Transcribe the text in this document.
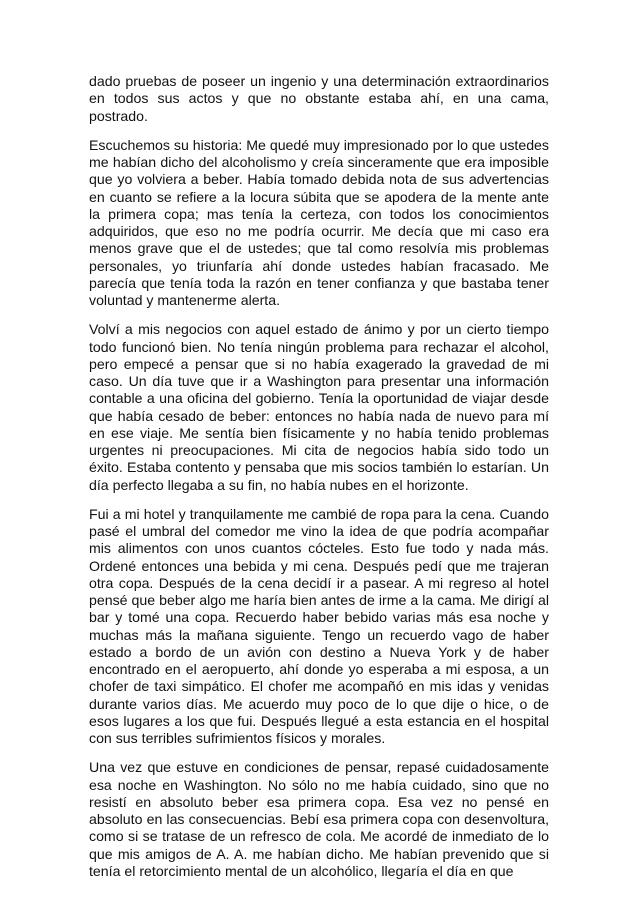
dado pruebas de poseer un ingenio y una determinación extraordinarios en todos sus actos y que no obstante estaba ahí, en una cama, postrado.

Escuchemos su historia: Me quedé muy impresionado por lo que ustedes me habían dicho del alcoholismo y creía sinceramente que era imposible que yo volviera a beber. Había tomado debida nota de sus advertencias en cuanto se refiere a la locura súbita que se apodera de la mente ante la primera copa; mas tenía la certeza, con todos los conocimientos adquiridos, que eso no me podría ocurrir. Me decía que mi caso era menos grave que el de ustedes; que tal como resolvía mis problemas personales, yo triunfaría ahí donde ustedes habían fracasado. Me parecía que tenía toda la razón en tener confianza y que bastaba tener voluntad y mantenerme alerta.

Volví a mis negocios con aquel estado de ánimo y por un cierto tiempo todo funcionó bien. No tenía ningún problema para rechazar el alcohol, pero empecé a pensar que si no había exagerado la gravedad de mi caso. Un día tuve que ir a Washington para presentar una información contable a una oficina del gobierno. Tenía la oportunidad de viajar desde que había cesado de beber: entonces no había nada de nuevo para mí en ese viaje. Me sentía bien físicamente y no había tenido problemas urgentes ni preocupaciones. Mi cita de negocios había sido todo un éxito. Estaba contento y pensaba que mis socios también lo estarían. Un día perfecto llegaba a su fin, no había nubes en el horizonte.

Fui a mi hotel y tranquilamente me cambié de ropa para la cena. Cuando pasé el umbral del comedor me vino la idea de que podría acompañar mis alimentos con unos cuantos cócteles. Esto fue todo y nada más. Ordené entonces una bebida y mi cena. Después pedí que me trajeran otra copa. Después de la cena decidí ir a pasear. A mi regreso al hotel pensé que beber algo me haría bien antes de irme a la cama. Me dirigí al bar y tomé una copa. Recuerdo haber bebido varias más esa noche y muchas más la mañana siguiente. Tengo un recuerdo vago de haber estado a bordo de un avión con destino a Nueva York y de haber encontrado en el aeropuerto, ahí donde yo esperaba a mi esposa, a un chofer de taxi simpático. El chofer me acompañó en mis idas y venidas durante varios días. Me acuerdo muy poco de lo que dije o hice, o de esos lugares a los que fui. Después llegué a esta estancia en el hospital con sus terribles sufrimientos físicos y morales.

Una vez que estuve en condiciones de pensar, repasé cuidadosamente esa noche en Washington. No sólo no me había cuidado, sino que no resistí en absoluto beber esa primera copa. Esa vez no pensé en absoluto en las consecuencias. Bebí esa primera copa con desenvoltura, como si se tratase de un refresco de cola. Me acordé de inmediato de lo que mis amigos de A. A. me habían dicho. Me habían prevenido que si tenía el retorcimiento mental de un alcohólico, llegaría el día en que
